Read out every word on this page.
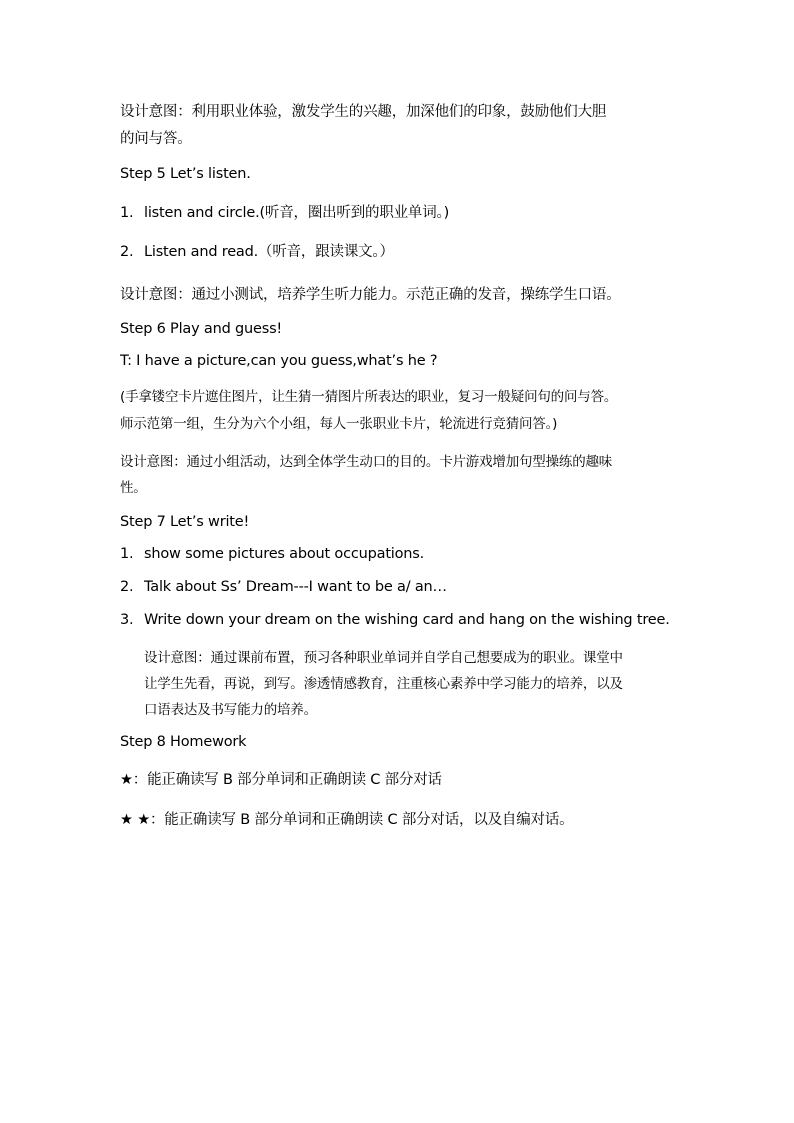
设计意图：利用职业体验，激发学生的兴趣，加深他们的印象，鼓励他们大胆
的问与答。
Step 5 Let’s listen.
1. listen and circle.(听音，圈出听到的职业单词。)
2. Listen and read.（听音，跟读课文。）
设计意图：通过小测试，培养学生听力能力。示范正确的发音，操练学生口语。
Step 6 Play and guess!
T: I have a picture,can you guess,what’s he ?
(手拿镂空卡片遮住图片，让生猜一猜图片所表达的职业，复习一般疑问句的问与答。
师示范第一组，生分为六个小组，每人一张职业卡片，轮流进行竞猜问答。)
设计意图：通过小组活动，达到全体学生动口的目的。卡片游戏增加句型操练的趣味
性。
Step 7 Let’s write!
1. show some pictures about occupations.
2. Talk about Ss’ Dream---I want to be a/ an…
3. Write down your dream on the wishing card and hang on the wishing tree.
设计意图：通过课前布置，预习各种职业单词并自学自己想要成为的职业。课堂中
让学生先看，再说，到写。渗透情感教育，注重核心素养中学习能力的培养，以及
口语表达及书写能力的培养。
Step 8 Homework
★：能正确读写 B 部分单词和正确朗读 C 部分对话
★ ★：能正确读写 B 部分单词和正确朗读 C 部分对话，以及自编对话。
